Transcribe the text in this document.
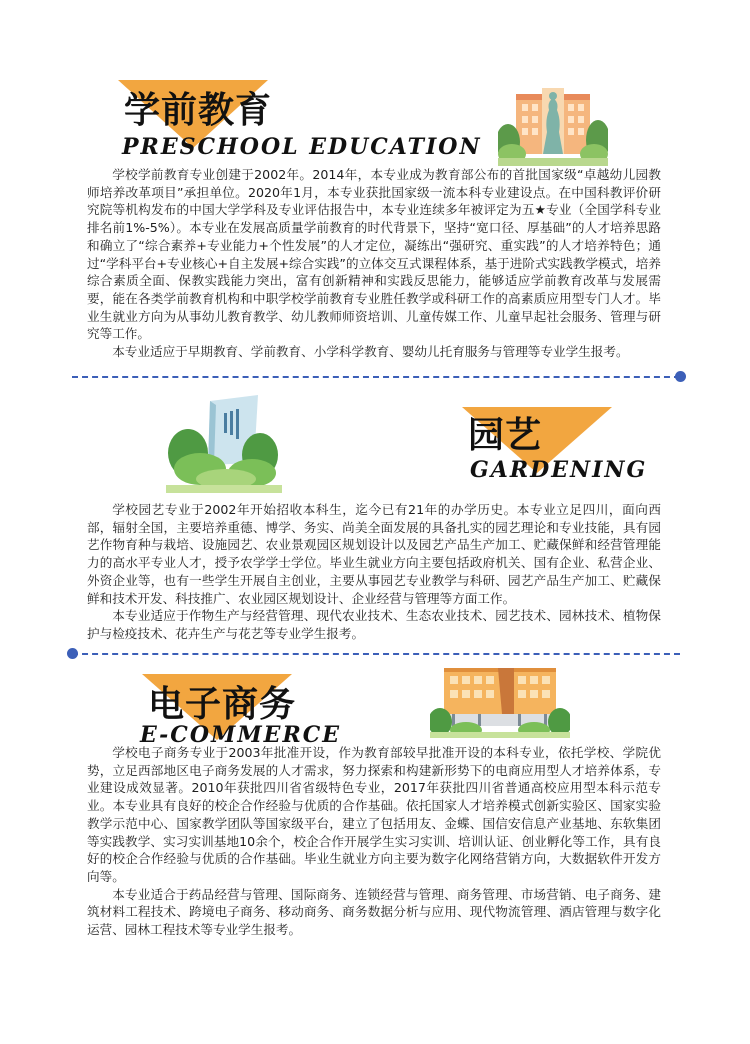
学前教育
PRESCHOOL EDUCATION

学校学前教育专业创建于2002年。2014年，本专业成为教育部公布的首批国家级“卓越幼儿园教师培养改革项目”承担单位。2020年1月，本专业获批国家级一流本科专业建设点。在中国科教评价研究院等机构发布的中国大学学科及专业评估报告中，本专业连续多年被评定为五★专业（全国学科专业排名前1%-5%）。本专业在发展高质量学前教育的时代背景下，坚持“宽口径、厚基础”的人才培养思路和确立了“综合素养+专业能力+个性发展”的人才定位，凝练出“强研究、重实践”的人才培养特色；通过“学科平台+专业核心+自主发展+综合实践”的立体交互式课程体系，基于进阶式实践教学模式，培养综合素质全面、保教实践能力突出，富有创新精神和实践反思能力，能够适应学前教育改革与发展需要，能在各类学前教育机构和中职学校学前教育专业胜任教学或科研工作的高素质应用型专门人才。毕业生就业方向为从事幼儿教育教学、幼儿教师师资培训、儿童传媒工作、儿童早起社会服务、管理与研究等工作。

本专业适应于早期教育、学前教育、小学科学教育、婴幼儿托育服务与管理等专业学生报考。

园艺
GARDENING

学校园艺专业于2002年开始招收本科生，迄今已有21年的办学历史。本专业立足四川，面向西部，辐射全国，主要培养重德、博学、务实、尚美全面发展的具备扎实的园艺理论和专业技能，具有园艺作物育种与栽培、设施园艺、农业景观园区规划设计以及园艺产品生产加工、贮藏保鲜和经营管理能力的高水平专业人才，授予农学学士学位。毕业生就业方向主要包括政府机关、国有企业、私营企业、外资企业等，也有一些学生开展自主创业，主要从事园艺专业教学与科研、园艺产品生产加工、贮藏保鲜和技术开发、科技推广、农业园区规划设计、企业经营与管理等方面工作。

本专业适应于作物生产与经营管理、现代农业技术、生态农业技术、园艺技术、园林技术、植物保护与检疫技术、花卉生产与花艺等专业学生报考。

电子商务
E-COMMERCE

学校电子商务专业于2003年批准开设，作为教育部较早批准开设的本科专业，依托学校、学院优势，立足西部地区电子商务发展的人才需求，努力探索和构建新形势下的电商应用型人才培养体系，专业建设成效显著。2010年获批四川省省级特色专业，2017年获批四川省普通高校应用型本科示范专业。本专业具有良好的校企合作经验与优质的合作基础。依托国家人才培养模式创新实验区、国家实验教学示范中心、国家教学团队等国家级平台，建立了包括用友、金蝶、国信安信息产业基地、东软集团等实践教学、实习实训基地10余个，校企合作开展学生实习实训、培训认证、创业孵化等工作，具有良好的校企合作经验与优质的合作基础。毕业生就业方向主要为数字化网络营销方向，大数据软件开发方向等。

本专业适合于药品经营与管理、国际商务、连锁经营与管理、商务管理、市场营销、电子商务、建筑材料工程技术、跨境电子商务、移动商务、商务数据分析与应用、现代物流管理、酒店管理与数字化运营、园林工程技术等专业学生报考。
